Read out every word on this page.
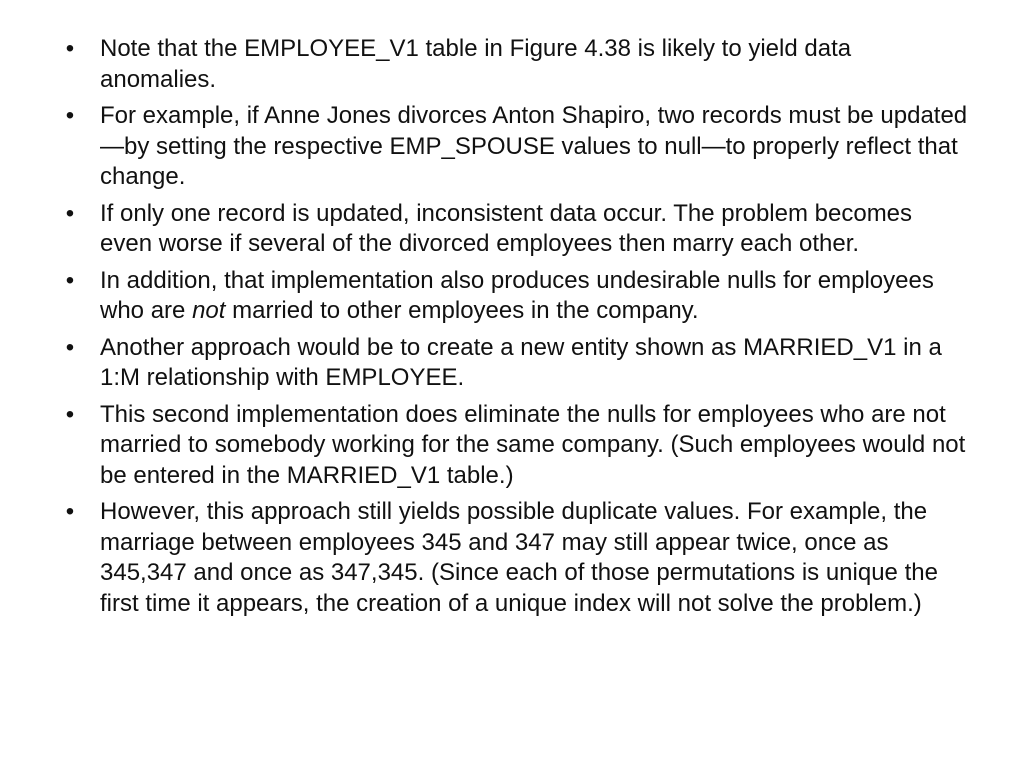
• Note that the EMPLOYEE_V1 table in Figure 4.38 is likely to yield data anomalies.
• For example, if Anne Jones divorces Anton Shapiro, two records must be updated—by setting the respective EMP_SPOUSE values to null—to properly reflect that change.
• If only one record is updated, inconsistent data occur. The problem becomes even worse if several of the divorced employees then marry each other.
• In addition, that implementation also produces undesirable nulls for employees who are not married to other employees in the company.
• Another approach would be to create a new entity shown as MARRIED_V1 in a 1:M relationship with EMPLOYEE.
• This second implementation does eliminate the nulls for employees who are not married to somebody working for the same company. (Such employees would not be entered in the MARRIED_V1 table.)
• However, this approach still yields possible duplicate values. For example, the marriage between employees 345 and 347 may still appear twice, once as 345,347 and once as 347,345. (Since each of those permutations is unique the first time it appears, the creation of a unique index will not solve the problem.)
